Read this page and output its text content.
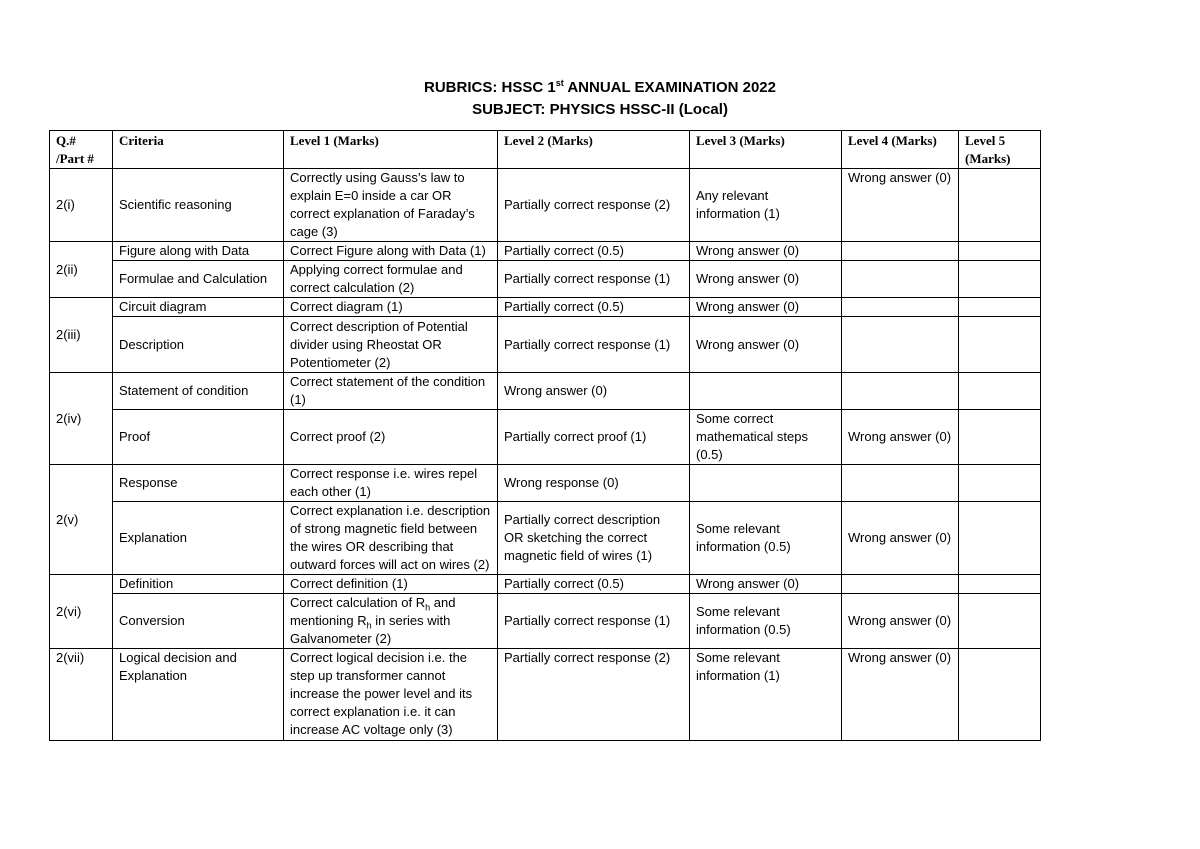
RUBRICS: HSSC 1st ANNUAL EXAMINATION 2022
SUBJECT: PHYSICS HSSC-II (Local)
Q.# /Part #	Criteria	Level 1 (Marks)	Level 2 (Marks)	Level 3 (Marks)	Level 4 (Marks)	Level 5 (Marks)
2(i)	Scientific reasoning	Correctly using Gauss’s law to explain E=0 inside a car OR correct explanation of Faraday’s cage (3)	Partially correct response (2)	Any relevant information (1)	Wrong answer (0)	
2(ii)	Figure along with Data	Correct Figure along with Data (1)	Partially correct (0.5)	Wrong answer (0)		
	Formulae and Calculation	Applying correct formulae and correct calculation (2)	Partially correct response (1)	Wrong answer (0)		
2(iii)	Circuit diagram	Correct diagram (1)	Partially correct (0.5)	Wrong answer (0)		
	Description	Correct description of Potential divider using Rheostat OR Potentiometer (2)	Partially correct response (1)	Wrong answer (0)		
2(iv)	Statement of condition	Correct statement of the condition (1)	Wrong answer (0)			
	Proof	Correct proof (2)	Partially correct proof (1)	Some correct mathematical steps (0.5)	Wrong answer (0)	
2(v)	Response	Correct response i.e. wires repel each other (1)	Wrong response (0)			
	Explanation	Correct explanation i.e. description of strong magnetic field between the wires OR describing that outward forces will act on wires (2)	Partially correct description OR sketching the correct magnetic field of wires (1)	Some relevant information (0.5)	Wrong answer (0)	
2(vi)	Definition	Correct definition (1)	Partially correct (0.5)	Wrong answer (0)		
	Conversion	Correct calculation of $R_h$ and mentioning $R_h$ in series with Galvanometer (2)	Partially correct response (1)	Some relevant information (0.5)	Wrong answer (0)	
2(vii)	Logical decision and Explanation	Correct logical decision i.e. the step up transformer cannot increase the power level and its correct explanation i.e. it can increase AC voltage only (3)	Partially correct response (2)	Some relevant information (1)	Wrong answer (0)	
